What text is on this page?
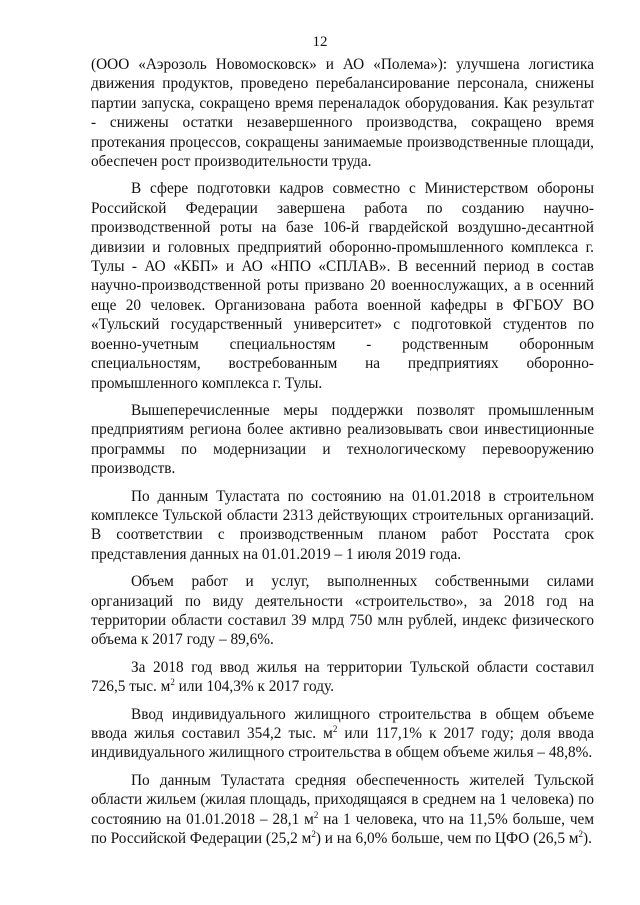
12

(ООО «Аэрозоль Новомосковск» и АО «Полема»): улучшена логистика движения продуктов, проведено перебалансирование персонала, снижены партии запуска, сокращено время переналадок оборудования. Как результат - снижены остатки незавершенного производства, сокращено время протекания процессов, сокращены занимаемые производственные площади, обеспечен рост производительности труда.

В сфере подготовки кадров совместно с Министерством обороны Российской Федерации завершена работа по созданию научно-производственной роты на базе 106-й гвардейской воздушно-десантной дивизии и головных предприятий оборонно-промышленного комплекса г. Тулы - АО «КБП» и АО «НПО «СПЛАВ». В весенний период в состав научно-производственной роты призвано 20 военнослужащих, а в осенний еще 20 человек. Организована работа военной кафедры в ФГБОУ ВО «Тульский государственный университет» с подготовкой студентов по военно-учетным специальностям - родственным оборонным специальностям, востребованным на предприятиях оборонно-промышленного комплекса г. Тулы.

Вышеперечисленные меры поддержки позволят промышленным предприятиям региона более активно реализовывать свои инвестиционные программы по модернизации и технологическому перевооружению производств.

По данным Туластата по состоянию на 01.01.2018 в строительном комплексе Тульской области 2313 действующих строительных организаций. В соответствии с производственным планом работ Росстата срок представления данных на 01.01.2019 – 1 июля 2019 года.

Объем работ и услуг, выполненных собственными силами организаций по виду деятельности «строительство», за 2018 год на территории области составил 39 млрд 750 млн рублей, индекс физического объема к 2017 году – 89,6%.

За 2018 год ввод жилья на территории Тульской области составил 726,5 тыс. $м^2$ или 104,3% к 2017 году.

Ввод индивидуального жилищного строительства в общем объеме ввода жилья составил 354,2 тыс. $м^2$ или 117,1% к 2017 году; доля ввода индивидуального жилищного строительства в общем объеме жилья – 48,8%.

По данным Туластата средняя обеспеченность жителей Тульской области жильем (жилая площадь, приходящаяся в среднем на 1 человека) по состоянию на 01.01.2018 – 28,1 $м^2$ на 1 человека, что на 11,5% больше, чем по Российской Федерации (25,2 $м^2$) и на 6,0% больше, чем по ЦФО (26,5 $м^2$).
